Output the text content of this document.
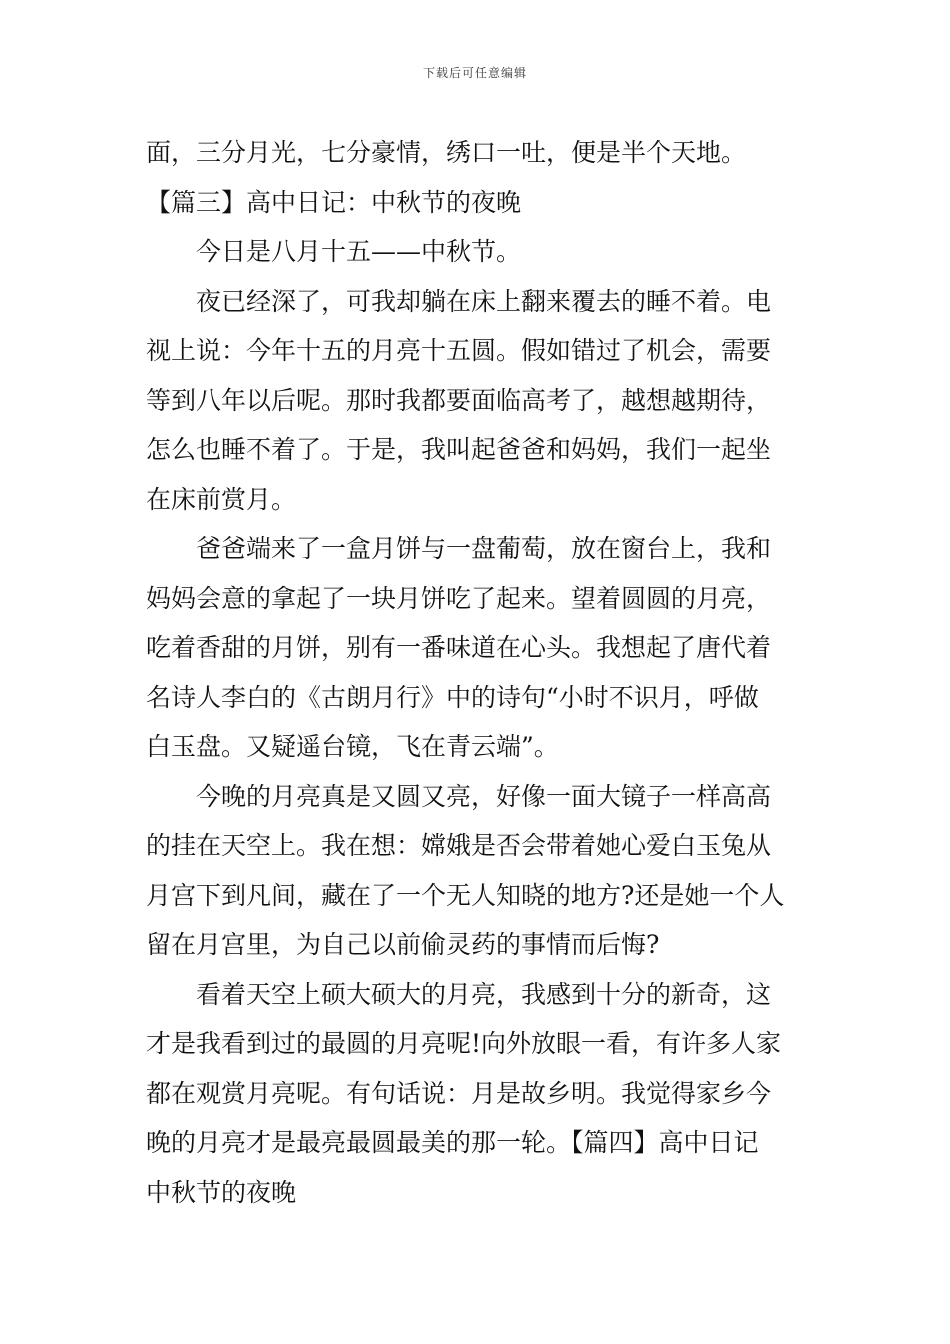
下载后可任意编辑
面，三分月光，七分豪情，绣口一吐，便是半个天地。
【篇三】高中日记：中秋节的夜晚
今日是八月十五——中秋节。
夜已经深了，可我却躺在床上翻来覆去的睡不着。电
视上说：今年十五的月亮十五圆。假如错过了机会，需要
等到八年以后呢。那时我都要面临高考了，越想越期待，
怎么也睡不着了。于是，我叫起爸爸和妈妈，我们一起坐
在床前赏月。
爸爸端来了一盒月饼与一盘葡萄，放在窗台上，我和
妈妈会意的拿起了一块月饼吃了起来。望着圆圆的月亮，
吃着香甜的月饼，别有一番味道在心头。我想起了唐代着
名诗人李白的《古朗月行》中的诗句“小时不识月，呼做
白玉盘。又疑遥台镜，飞在青云端”。
今晚的月亮真是又圆又亮，好像一面大镜子一样高高
的挂在天空上。我在想：嫦娥是否会带着她心爱白玉兔从
月宫下到凡间，藏在了一个无人知晓的地方?还是她一个人
留在月宫里，为自己以前偷灵药的事情而后悔?
看着天空上硕大硕大的月亮，我感到十分的新奇，这
才是我看到过的最圆的月亮呢!向外放眼一看，有许多人家
都在观赏月亮呢。有句话说：月是故乡明。我觉得家乡今
晚的月亮才是最亮最圆最美的那一轮。【篇四】高中日记
中秋节的夜晚
